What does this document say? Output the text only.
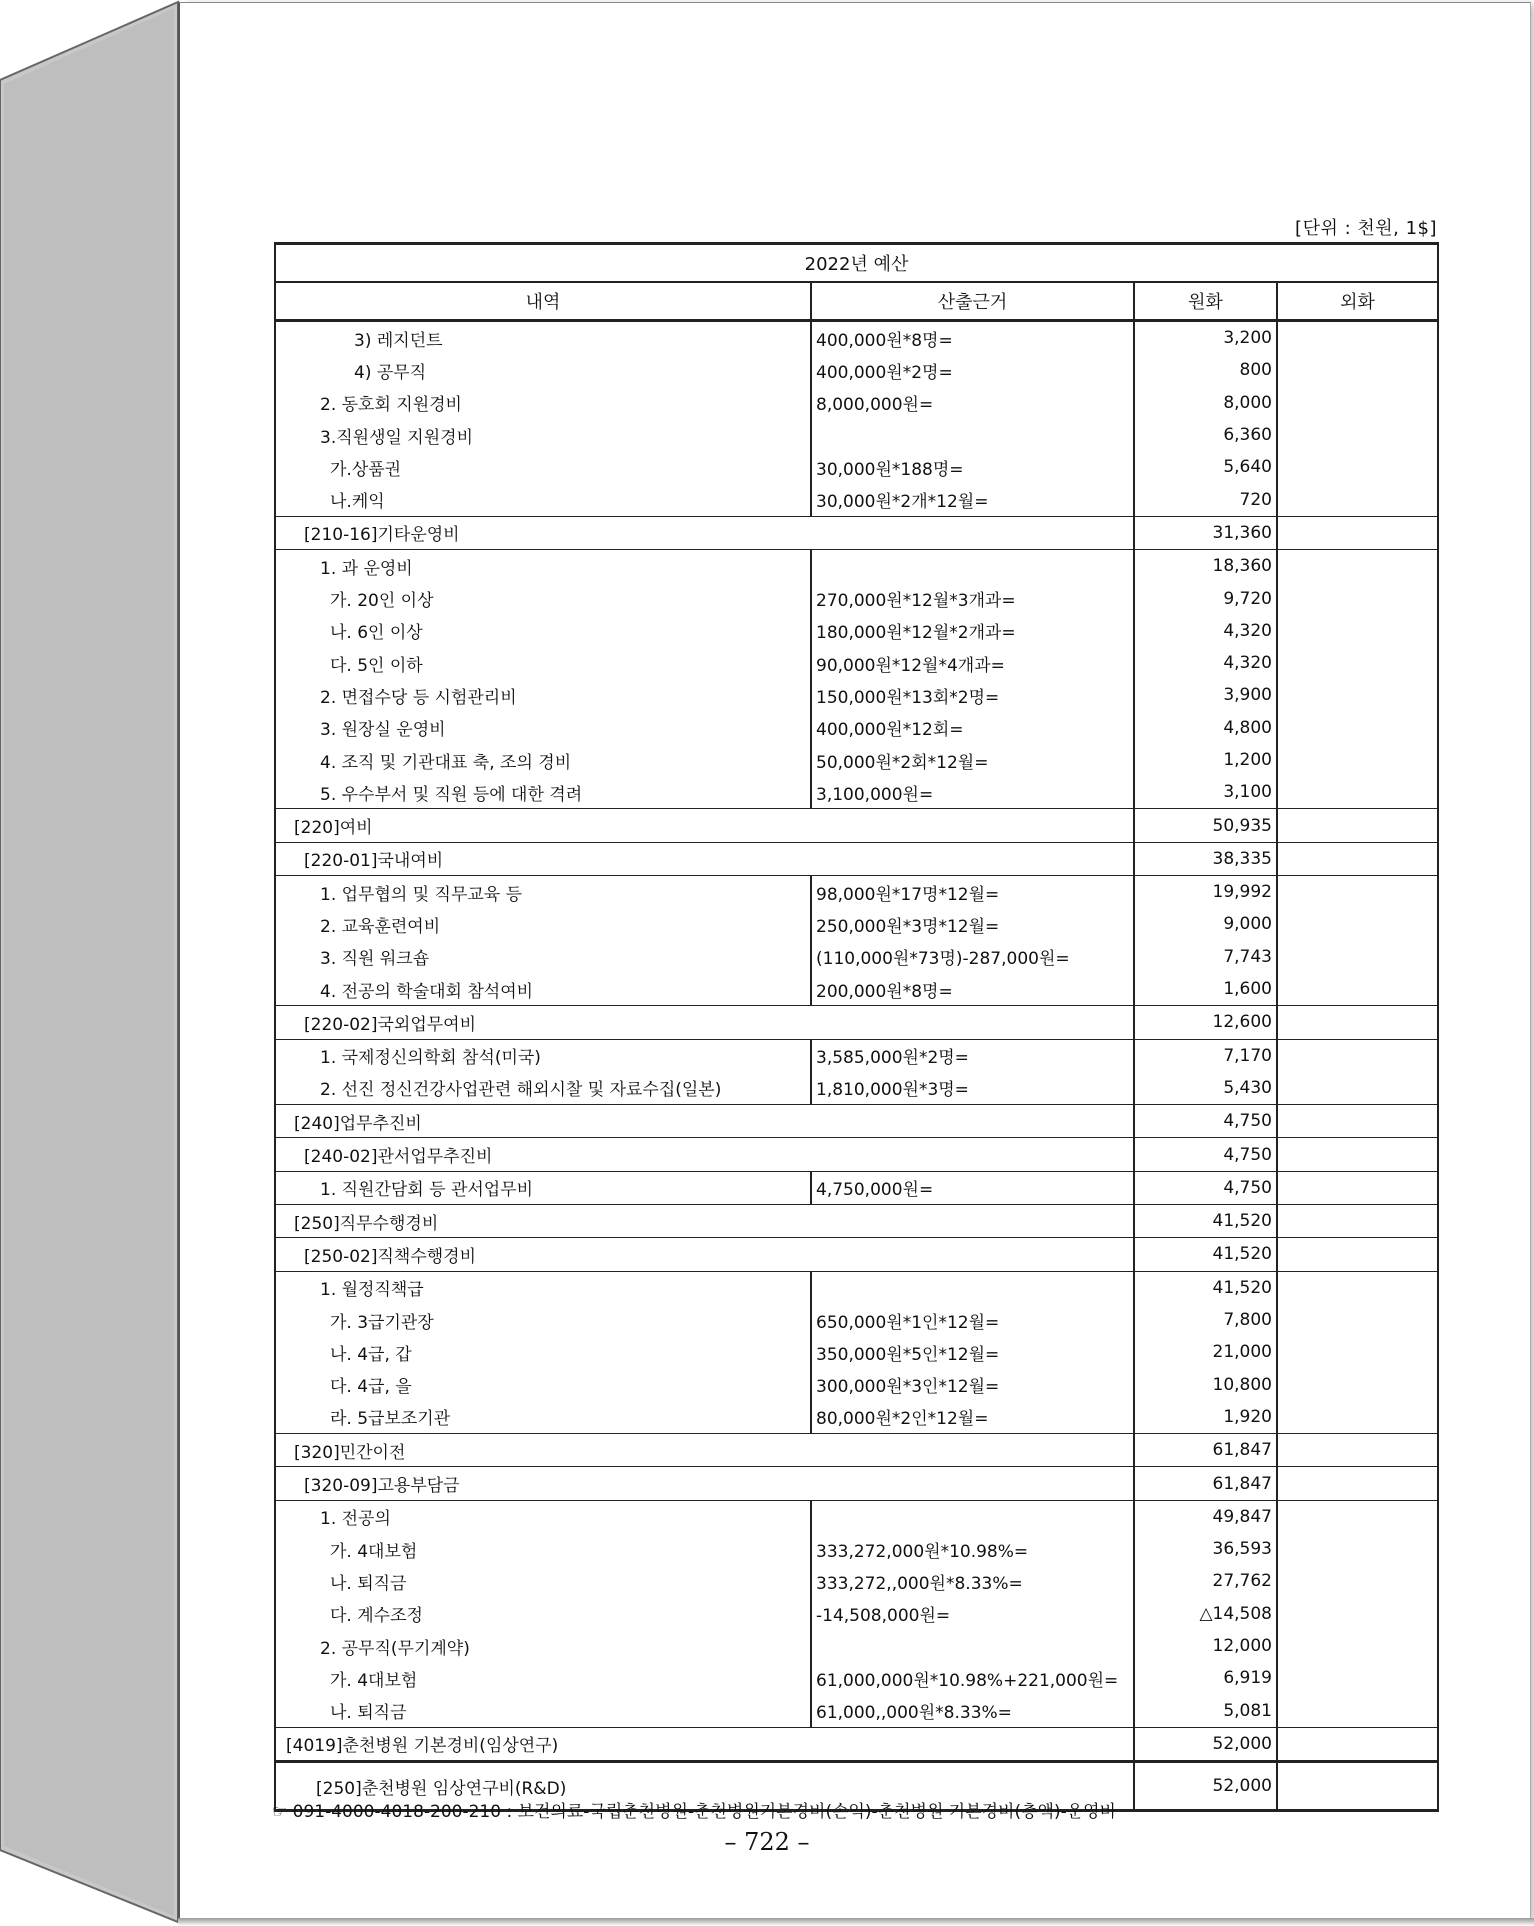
[단위 : 천원, 1$]
2022년 예산			
내역	산출근거	원화	외화
3) 레지던트	400,000원*8명=	3,200	
4) 공무직	400,000원*2명=	800	
2. 동호회 지원경비	8,000,000원=	8,000	
3.직원생일 지원경비		6,360	
가.상품권	30,000원*188명=	5,640	
나.케익	30,000원*2개*12월=	720	
[210-16]기타운영비		31,360	
1. 과 운영비		18,360	
가. 20인 이상	270,000원*12월*3개과=	9,720	
나. 6인 이상	180,000원*12월*2개과=	4,320	
다. 5인 이하	90,000원*12월*4개과=	4,320	
2. 면접수당 등 시험관리비	150,000원*13회*2명=	3,900	
3. 원장실 운영비	400,000원*12회=	4,800	
4. 조직 및 기관대표 축, 조의 경비	50,000원*2회*12월=	1,200	
5. 우수부서 및 직원 등에 대한 격려	3,100,000원=	3,100	
[220]여비		50,935	
[220-01]국내여비		38,335	
1. 업무협의 및 직무교육 등	98,000원*17명*12월=	19,992	
2. 교육훈련여비	250,000원*3명*12월=	9,000	
3. 직원 워크숍	(110,000원*73명)-287,000원=	7,743	
4. 전공의 학술대회 참석여비	200,000원*8명=	1,600	
[220-02]국외업무여비		12,600	
1. 국제정신의학회 참석(미국)	3,585,000원*2명=	7,170	
2. 선진 정신건강사업관련 해외시찰 및 자료수집(일본)	1,810,000원*3명=	5,430	
[240]업무추진비		4,750	
[240-02]관서업무추진비		4,750	
1. 직원간담회 등 관서업무비	4,750,000원=	4,750	
[250]직무수행경비		41,520	
[250-02]직책수행경비		41,520	
1. 월정직책급		41,520	
가. 3급기관장	650,000원*1인*12월=	7,800	
나. 4급, 갑	350,000원*5인*12월=	21,000	
다. 4급, 을	300,000원*3인*12월=	10,800	
라. 5급보조기관	80,000원*2인*12월=	1,920	
[320]민간이전		61,847	
[320-09]고용부담금		61,847	
1. 전공의		49,847	
가. 4대보험	333,272,000원*10.98%=	36,593	
나. 퇴직금	333,272,,000원*8.33%=	27,762	
다. 계수조정	-14,508,000원=	△14,508	
2. 공무직(무기계약)		12,000	
가. 4대보험	61,000,000원*10.98%+221,000원=	6,919	
나. 퇴직금	61,000,,000원*8.33%=	5,081	
[4019]춘천병원 기본경비(임상연구)		52,000	
[250]춘천병원 임상연구비(R&D)		52,000	
☞ 091-4000-4018-200-210 : 보건의료-국립춘천병원-춘천병원기본경비(손익)-춘천병원 기본경비(총액)-운영비
– 722 –
